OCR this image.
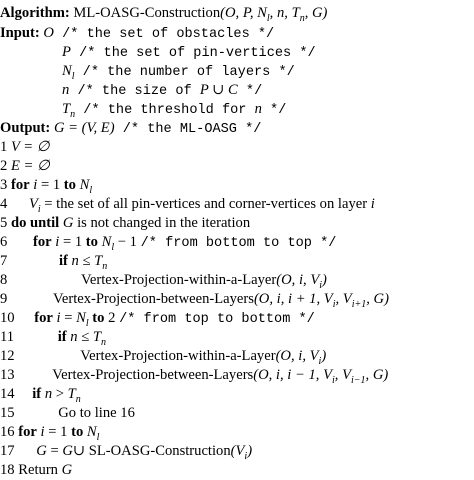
Algorithm: ML-OASG-Construction(O, P, $N_l$, n, $T_n$, G)
Input: O /* the set of obstacles */
P /* the set of pin-vertices */
$N_l$ /* the number of layers */
n /* the size of P ∪ C */
$T_n$ /* the threshold for n */
Output: G = (V, E) /* the ML-OASG */
1 V = ∅
2 E = ∅
3 for i = 1 to $N_l$
4 $V_i$ = the set of all pin-vertices and corner-vertices on layer i
5 do until G is not changed in the iteration
6 for i = 1 to $N_l - 1$ /* from bottom to top */
7	if $n \le T_n$
8	Vertex-Projection-within-a-Layer(O, i, $V_i$)
9	Vertex-Projection-between-Layers(O, i, i + 1, $V_i$, $V_{i+1}$, G)
10 for $i = N_l$ to 2 /* from top to bottom */
11	if $n \le T_n$
12	Vertex-Projection-within-a-Layer(O, i, $V_i$)
13	Vertex-Projection-between-Layers(O, i, i − 1, $V_i$, $V_{i-1}$, G)
14 if $n > T_n$
15	Go to line 16
16 for i = 1 to $N_l$
17 G = G∪ $SL-OASG-Construction(V_i)$
18 Return G
